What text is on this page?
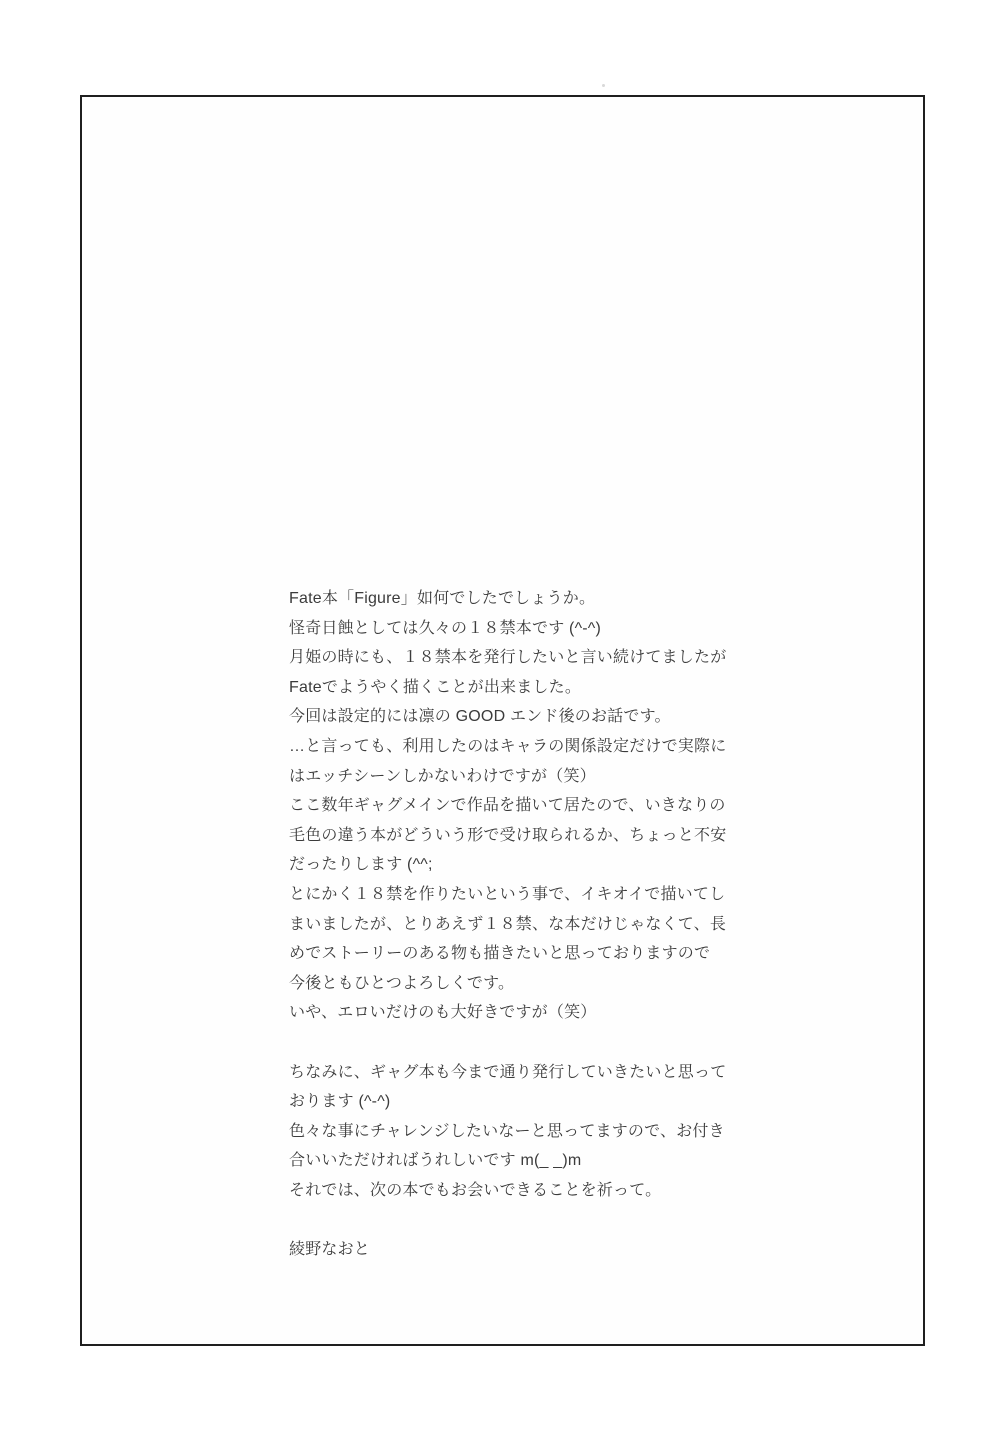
Fate本「Figure」如何でしたでしょうか。
怪奇日蝕としては久々の１８禁本です (^-^)
月姫の時にも、１８禁本を発行したいと言い続けてましたが
Fateでようやく描くことが出来ました。
今回は設定的には凛の GOOD エンド後のお話です。
…と言っても、利用したのはキャラの関係設定だけで実際に
はエッチシーンしかないわけですが（笑）
ここ数年ギャグメインで作品を描いて居たので、いきなりの
毛色の違う本がどういう形で受け取られるか、ちょっと不安
だったりします (^^;
とにかく１８禁を作りたいという事で、イキオイで描いてし
まいましたが、とりあえず１８禁、な本だけじゃなくて、長
めでストーリーのある物も描きたいと思っておりますので
今後ともひとつよろしくです。
いや、エロいだけのも大好きですが（笑）
ちなみに、ギャグ本も今まで通り発行していきたいと思って
おります (^-^)
色々な事にチャレンジしたいなーと思ってますので、お付き
合いいただければうれしいです m(_ _)m
それでは、次の本でもお会いできることを祈って。
綾野なおと
